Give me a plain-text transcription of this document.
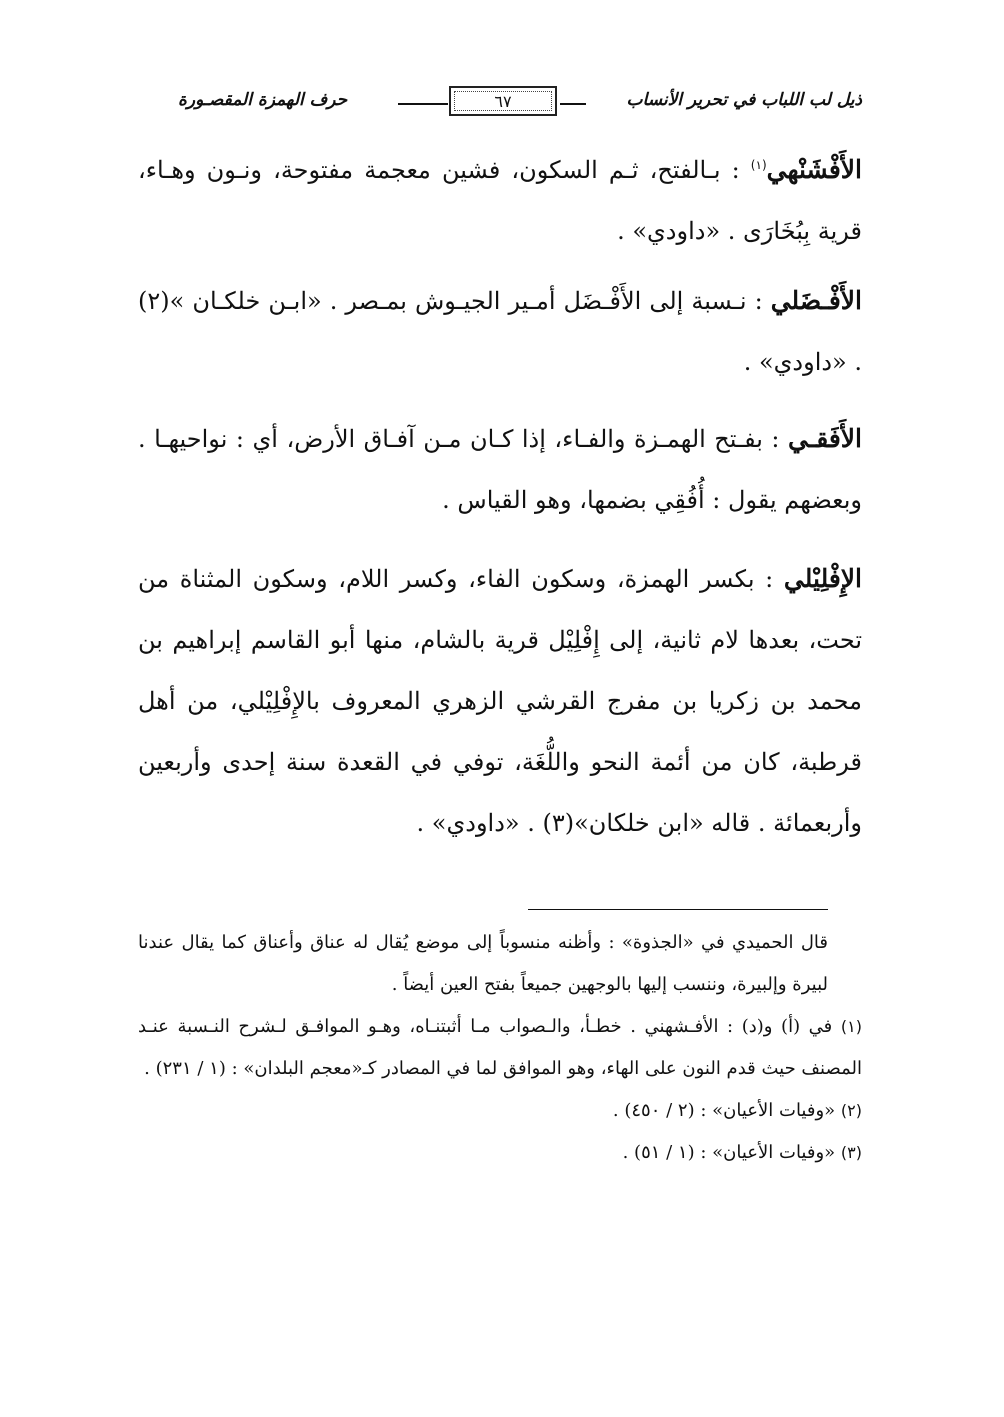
حرف الهمزة المقصـورة	٦٧	ذيل لب اللباب في تحرير الأنساب

الأَفْشَنْهي$^{(١)}$ : بـالفتح، ثـم السكون، فشين معجمة مفتوحة، ونـون وهـاء، قرية بِبُخَارَى . «داودي» .

الأَفْـضَلي : نـسبة إلى الأَفْـضَل أمـير الجيـوش بمـصر . «ابـن خلكـان »(٢) . «داودي» .

الأَفَقـي : بفـتح الهمـزة والفـاء، إذا كـان مـن آفـاق الأرض، أي : نواحيهـا . وبعضهم يقول : أُفُقِي بضمها، وهو القياس .

الإِفْلِيْلي : بكسر الهمزة، وسكون الفاء، وكسر اللام، وسكون المثناة من تحت، بعدها لام ثانية، إلى إِفْلِيْل قرية بالشام، منها أبو القاسم إبراهيم بن محمد بن زكريا بن مفرج القرشي الزهري المعروف بالإِفْلِيْلي، من أهل قرطبة، كان من أئمة النحو واللُّغَة، توفي في القعدة سنة إحدى وأربعين وأربعمائة . قاله «ابن خلكان»(٣) . «داودي» .

قال الحميدي في «الجذوة» : وأظنه منسوباً إلى موضع يُقال له عناق وأعناق كما يقال عندنا لبيرة وإلبيرة، وننسب إليها بالوجهين جميعاً بفتح العين أيضاً .

(١) في (أ) و(د) : الأفـشهني . خطـأ، والـصواب مـا أثبتنـاه، وهـو الموافـق لـشرح النـسبة عنـد المصنف حيث قدم النون على الهاء، وهو الموافق لما في المصادر كـ«معجم البلدان» : (١ / ٢٣١) .

(٢) «وفيات الأعيان» : (٢ / ٤٥٠) .

(٣) «وفيات الأعيان» : (١ / ٥١) .
